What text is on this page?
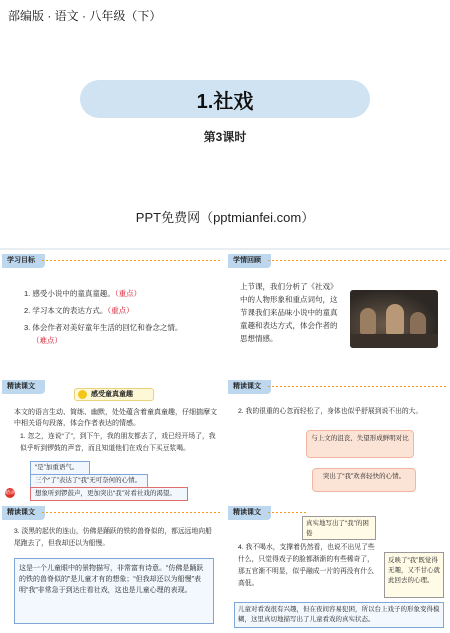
部编版 · 语文 · 八年级（下）
1.社戏
第3课时
PPT免费网（pptmianfei.com）
学习目标
1. 感受小说中的童真童趣。（重点）
2. 学习本文的表达方式。（重点）
3. 体会作者对美好童年生活的回忆和眷念之情。
（难点）
学情回顾
上节课，我们分析了《社戏》中的人物形象和重点词句，这节课我们来品味小说中的童真童趣和表达方式，体会作者的思想情感。
精读课文
感受童真童趣
本文的语言生动、简练、幽默，处处蕴含着童真童趣，仔细揣摩文中相关语句段落，体会作者表达的情感。
1. 忽之，连说“了”，到下午，我的朋友都去了，戏已经开场了，我似乎听到锣鼓的声音，而且知道他们在戏台下买豆浆喝。
“是”加重语气。
三个“了”表达了“我”无可奈何的心情。
想象听到锣鼓声，更加突出“我”对看社戏的渴望。
精读
精读课文
2. 我的很重的心忽而轻松了，身体也似乎舒展到说不出的大。
与上文的沮丧、失望形成鲜明对比
突出了“我”欢喜轻快的心情。
精读课文
3. 淡黑的起伏的连山，仿佛是踊跃的铁的兽脊似的，都远远地向船尾跑去了，但我却还以为船慢。
这是一个儿童眼中的景物描写，非常富有诗意。“仿佛是踊跃的铁的兽脊似的”是儿童才有的想象；“但我却还以为船慢”表明“我”非常急于到达庄看社戏，这也是儿童心理的表现。
精读课文
真实地写出了“我”的困倦
4. 我不喝水，支撑着仍然看，也说不出见了些什么，只觉得戏子的脸都渐渐的有些稀奇了，那五官渐不明显，似乎融成一片的再没有什么高低。
反映了“我”既觉得无趣，又不甘心就此回去的心理。
儿童对看戏很有兴趣，但在夜间容易犯困，所以台上戏子的形象变得模糊，这里真切地描写出了儿童看戏的真实状态。
